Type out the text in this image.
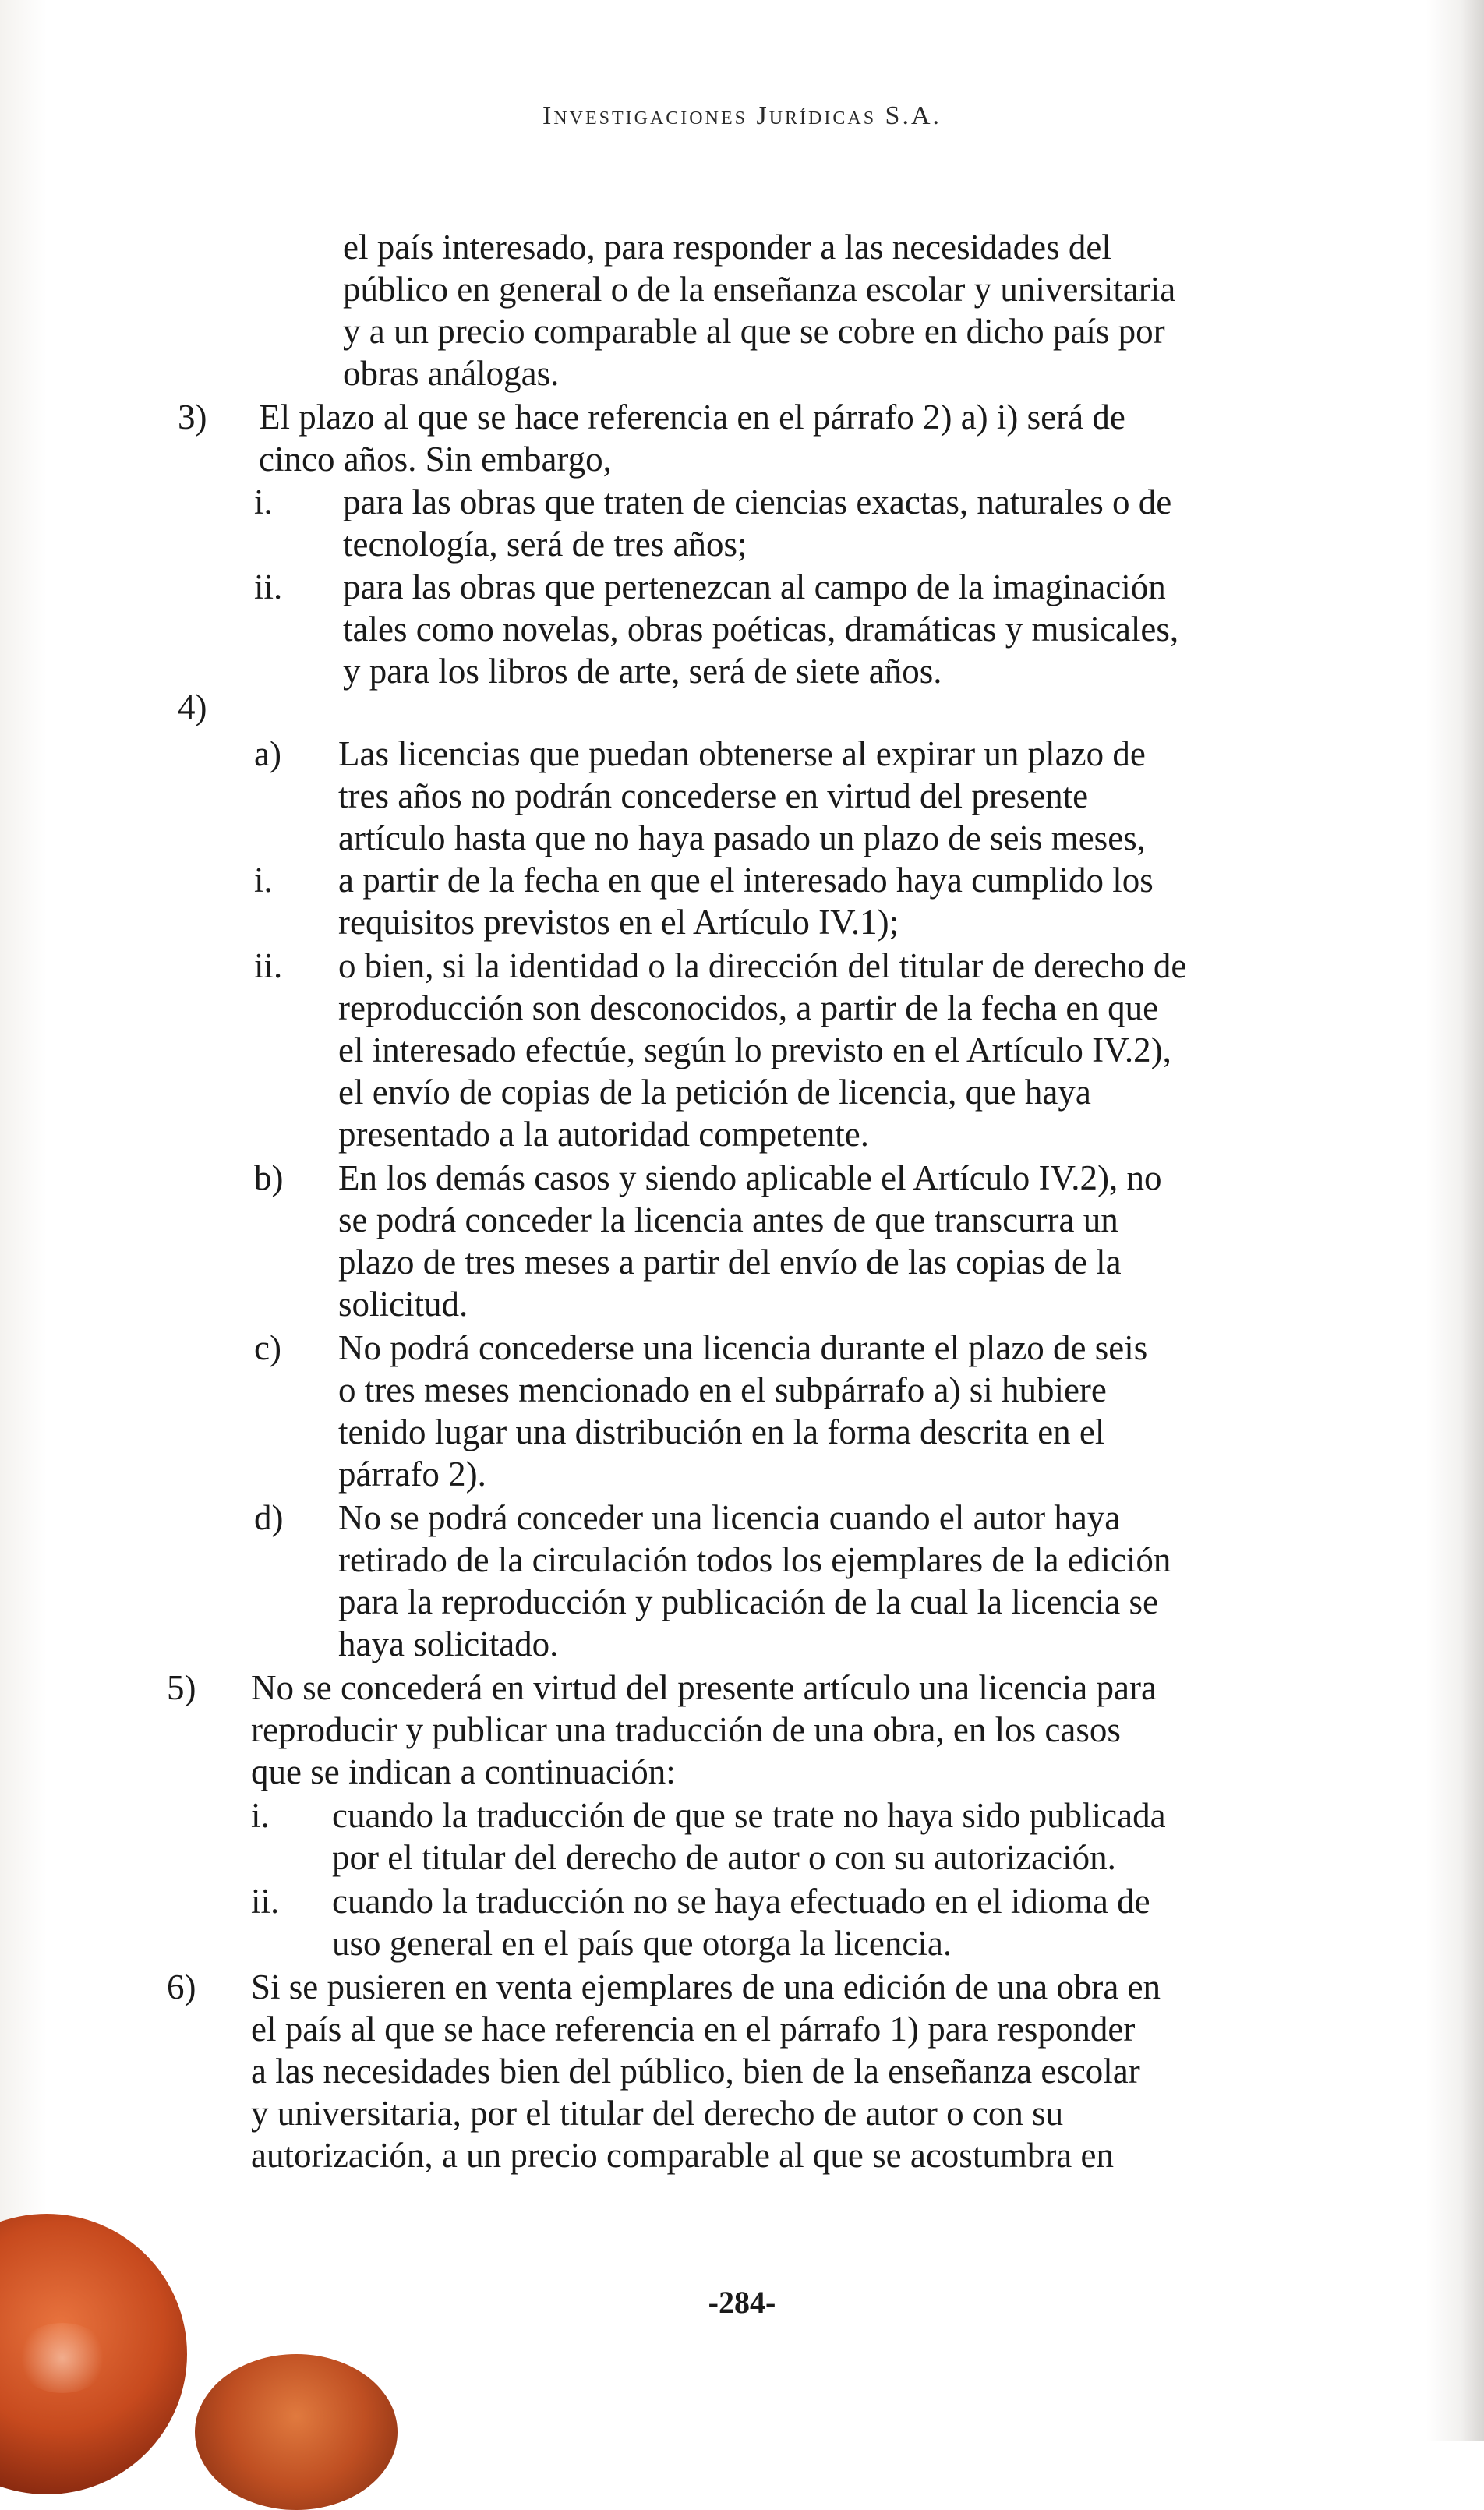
Investigaciones Jurídicas S.A.
el país interesado, para responder a las necesidades del
público en general o de la enseñanza escolar y universitaria
y a un precio comparable al que se cobre en dicho país por
obras análogas.
3) El plazo al que se hace referencia en el párrafo 2) a) i) será de
cinco años. Sin embargo,
i. para las obras que traten de ciencias exactas, naturales o de
tecnología, será de tres años;
ii. para las obras que pertenezcan al campo de la imaginación
tales como novelas, obras poéticas, dramáticas y musicales,
y para los libros de arte, será de siete años.
4)
a) Las licencias que puedan obtenerse al expirar un plazo de
tres años no podrán concederse en virtud del presente
artículo hasta que no haya pasado un plazo de seis meses,
i. a partir de la fecha en que el interesado haya cumplido los
requisitos previstos en el Artículo IV.1);
ii. o bien, si la identidad o la dirección del titular de derecho de
reproducción son desconocidos, a partir de la fecha en que
el interesado efectúe, según lo previsto en el Artículo IV.2),
el envío de copias de la petición de licencia, que haya
presentado a la autoridad competente.
b) En los demás casos y siendo aplicable el Artículo IV.2), no
se podrá conceder la licencia antes de que transcurra un
plazo de tres meses a partir del envío de las copias de la
solicitud.
c) No podrá concederse una licencia durante el plazo de seis
o tres meses mencionado en el subpárrafo a) si hubiere
tenido lugar una distribución en la forma descrita en el
párrafo 2).
d) No se podrá conceder una licencia cuando el autor haya
retirado de la circulación todos los ejemplares de la edición
para la reproducción y publicación de la cual la licencia se
haya solicitado.
5) No se concederá en virtud del presente artículo una licencia para
reproducir y publicar una traducción de una obra, en los casos
que se indican a continuación:
i. cuando la traducción de que se trate no haya sido publicada
por el titular del derecho de autor o con su autorización.
ii. cuando la traducción no se haya efectuado en el idioma de
uso general en el país que otorga la licencia.
6) Si se pusieren en venta ejemplares de una edición de una obra en
el país al que se hace referencia en el párrafo 1) para responder
a las necesidades bien del público, bien de la enseñanza escolar
y universitaria, por el titular del derecho de autor o con su
autorización, a un precio comparable al que se acostumbra en
-284-
